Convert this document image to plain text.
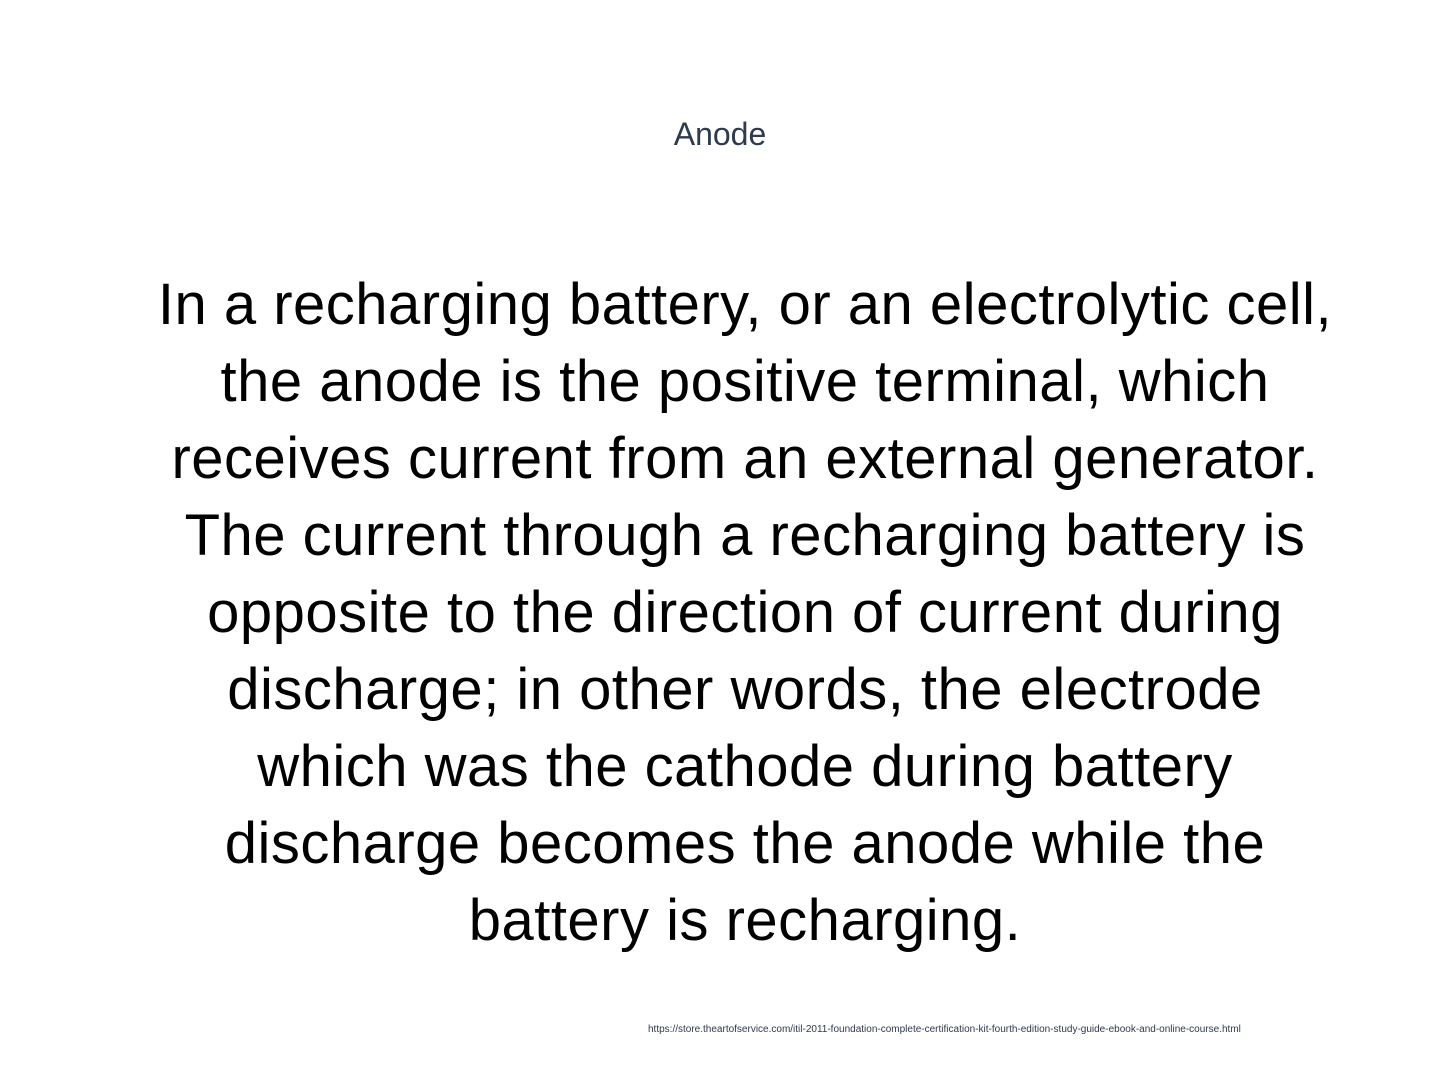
Anode

In a recharging battery, or an electrolytic cell, the anode is the positive terminal, which receives current from an external generator. The current through a recharging battery is opposite to the direction of current during discharge; in other words, the electrode which was the cathode during battery discharge becomes the anode while the battery is recharging.

https://store.theartofservice.com/itil-2011-foundation-complete-certification-kit-fourth-edition-study-guide-ebook-and-online-course.html
